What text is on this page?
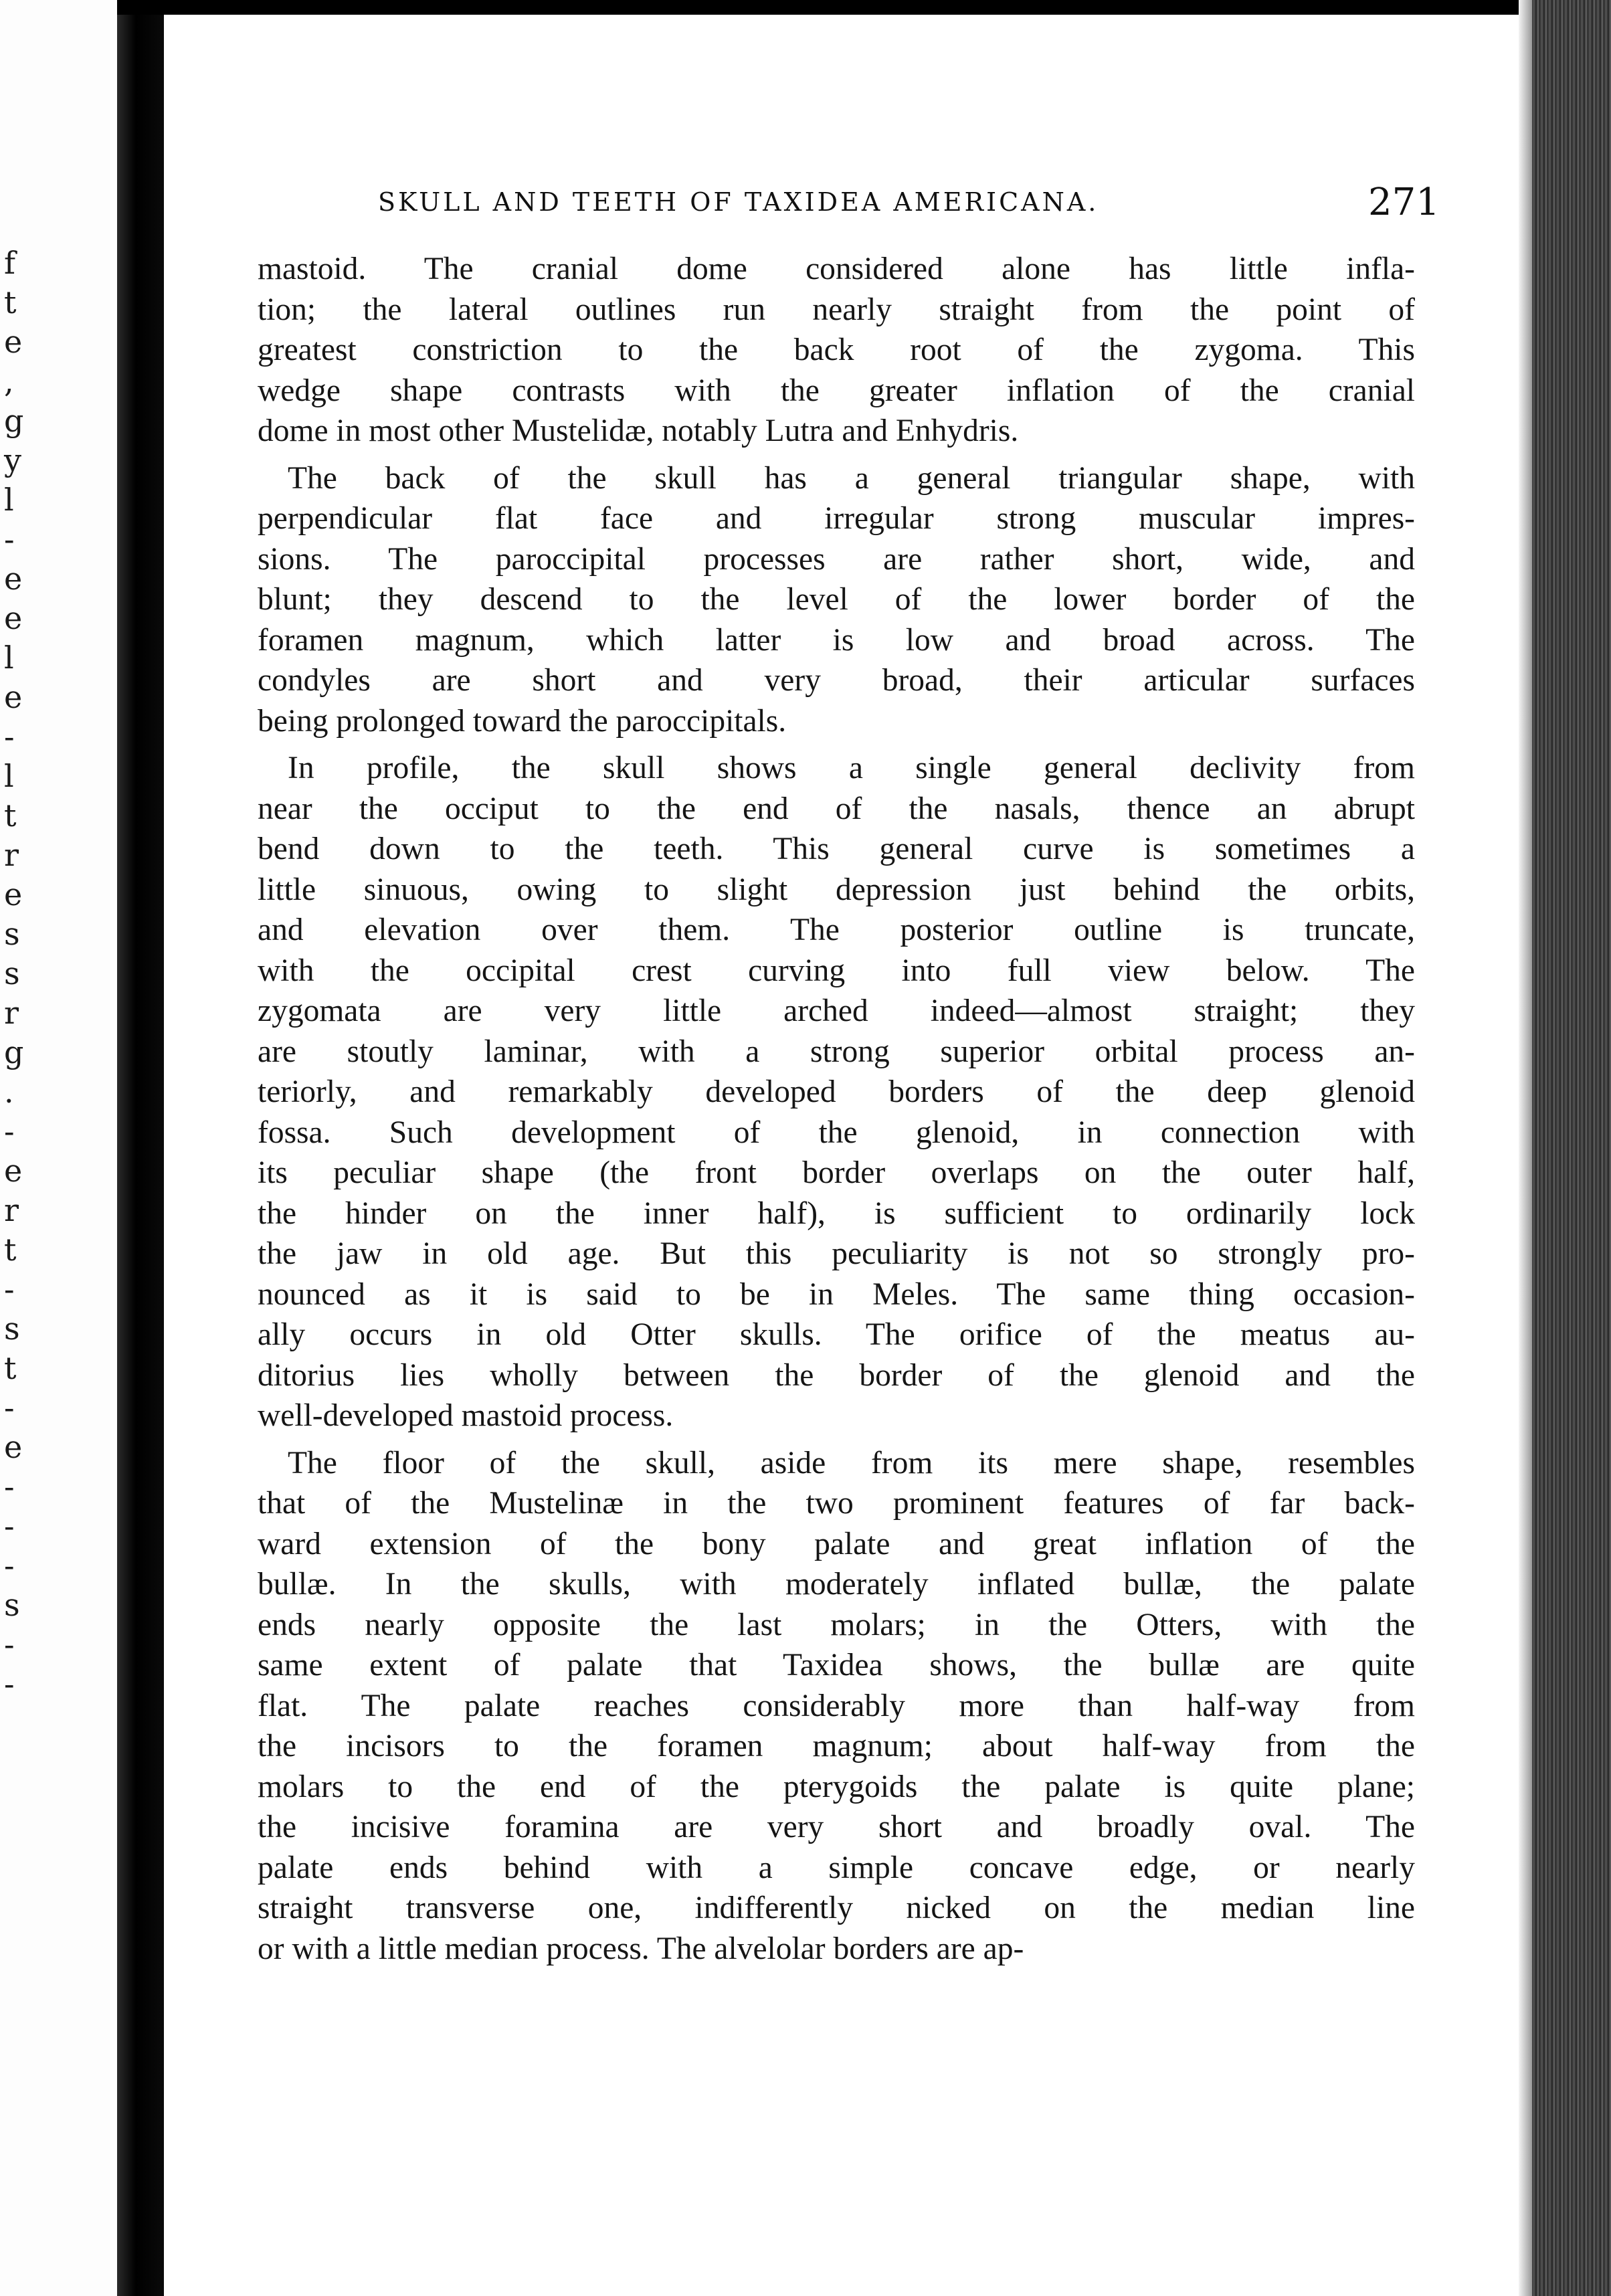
f
t
e
,
g
y
l
-
e
e
l
e
-
l
t
r
e
s
s
r
g
.
-
e
r
t
-
s
t
-
e
-
-
-
s
-
-
SKULL AND TEETH OF TAXIDEA AMERICANA.	271
mastoid. The cranial dome considered alone has little infla-
tion; the lateral outlines run nearly straight from the point of
greatest constriction to the back root of the zygoma. This
wedge shape contrasts with the greater inflation of the cranial
dome in most other Mustelidæ, notably Lutra and Enhydris.
The back of the skull has a general triangular shape, with
perpendicular flat face and irregular strong muscular impres-
sions. The paroccipital processes are rather short, wide, and
blunt; they descend to the level of the lower border of the
foramen magnum, which latter is low and broad across. The
condyles are short and very broad, their articular surfaces
being prolonged toward the paroccipitals.
In profile, the skull shows a single general declivity from
near the occiput to the end of the nasals, thence an abrupt
bend down to the teeth. This general curve is sometimes a
little sinuous, owing to slight depression just behind the orbits,
and elevation over them. The posterior outline is truncate,
with the occipital crest curving into full view below. The
zygomata are very little arched indeed—almost straight; they
are stoutly laminar, with a strong superior orbital process an-
teriorly, and remarkably developed borders of the deep glenoid
fossa. Such development of the glenoid, in connection with
its peculiar shape (the front border overlaps on the outer half,
the hinder on the inner half), is sufficient to ordinarily lock
the jaw in old age. But this peculiarity is not so strongly pro-
nounced as it is said to be in Meles. The same thing occasion-
ally occurs in old Otter skulls. The orifice of the meatus au-
ditorius lies wholly between the border of the glenoid and the
well-developed mastoid process.
The floor of the skull, aside from its mere shape, resembles
that of the Mustelinæ in the two prominent features of far back-
ward extension of the bony palate and great inflation of the
bullæ. In the skulls, with moderately inflated bullæ, the palate
ends nearly opposite the last molars; in the Otters, with the
same extent of palate that Taxidea shows, the bullæ are quite
flat. The palate reaches considerably more than half-way from
the incisors to the foramen magnum; about half-way from the
molars to the end of the pterygoids the palate is quite plane;
the incisive foramina are very short and broadly oval. The
palate ends behind with a simple concave edge, or nearly
straight transverse one, indifferently nicked on the median line
or with a little median process. The alvelolar borders are ap-
